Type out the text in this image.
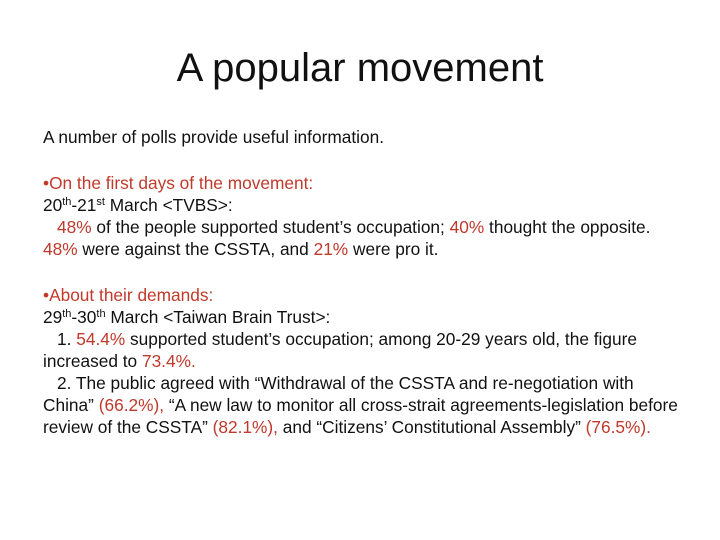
A popular movement

A number of polls provide useful information.

•On the first days of the movement:

20th-21st March <TVBS>:

48% of the people supported student’s occupation; 40% thought the opposite. 48% were against the CSSTA, and 21% were pro it.

•About their demands:

29th-30th March <Taiwan Brain Trust>:

1. 54.4% supported student’s occupation; among 20-29 years old, the figure increased to 73.4%.

2. The public agreed with “Withdrawal of the CSSTA and re-negotiation with China” (66.2%), “A new law to monitor all cross-strait agreements-legislation before review of the CSSTA” (82.1%), and “Citizens’ Constitutional Assembly” (76.5%).
